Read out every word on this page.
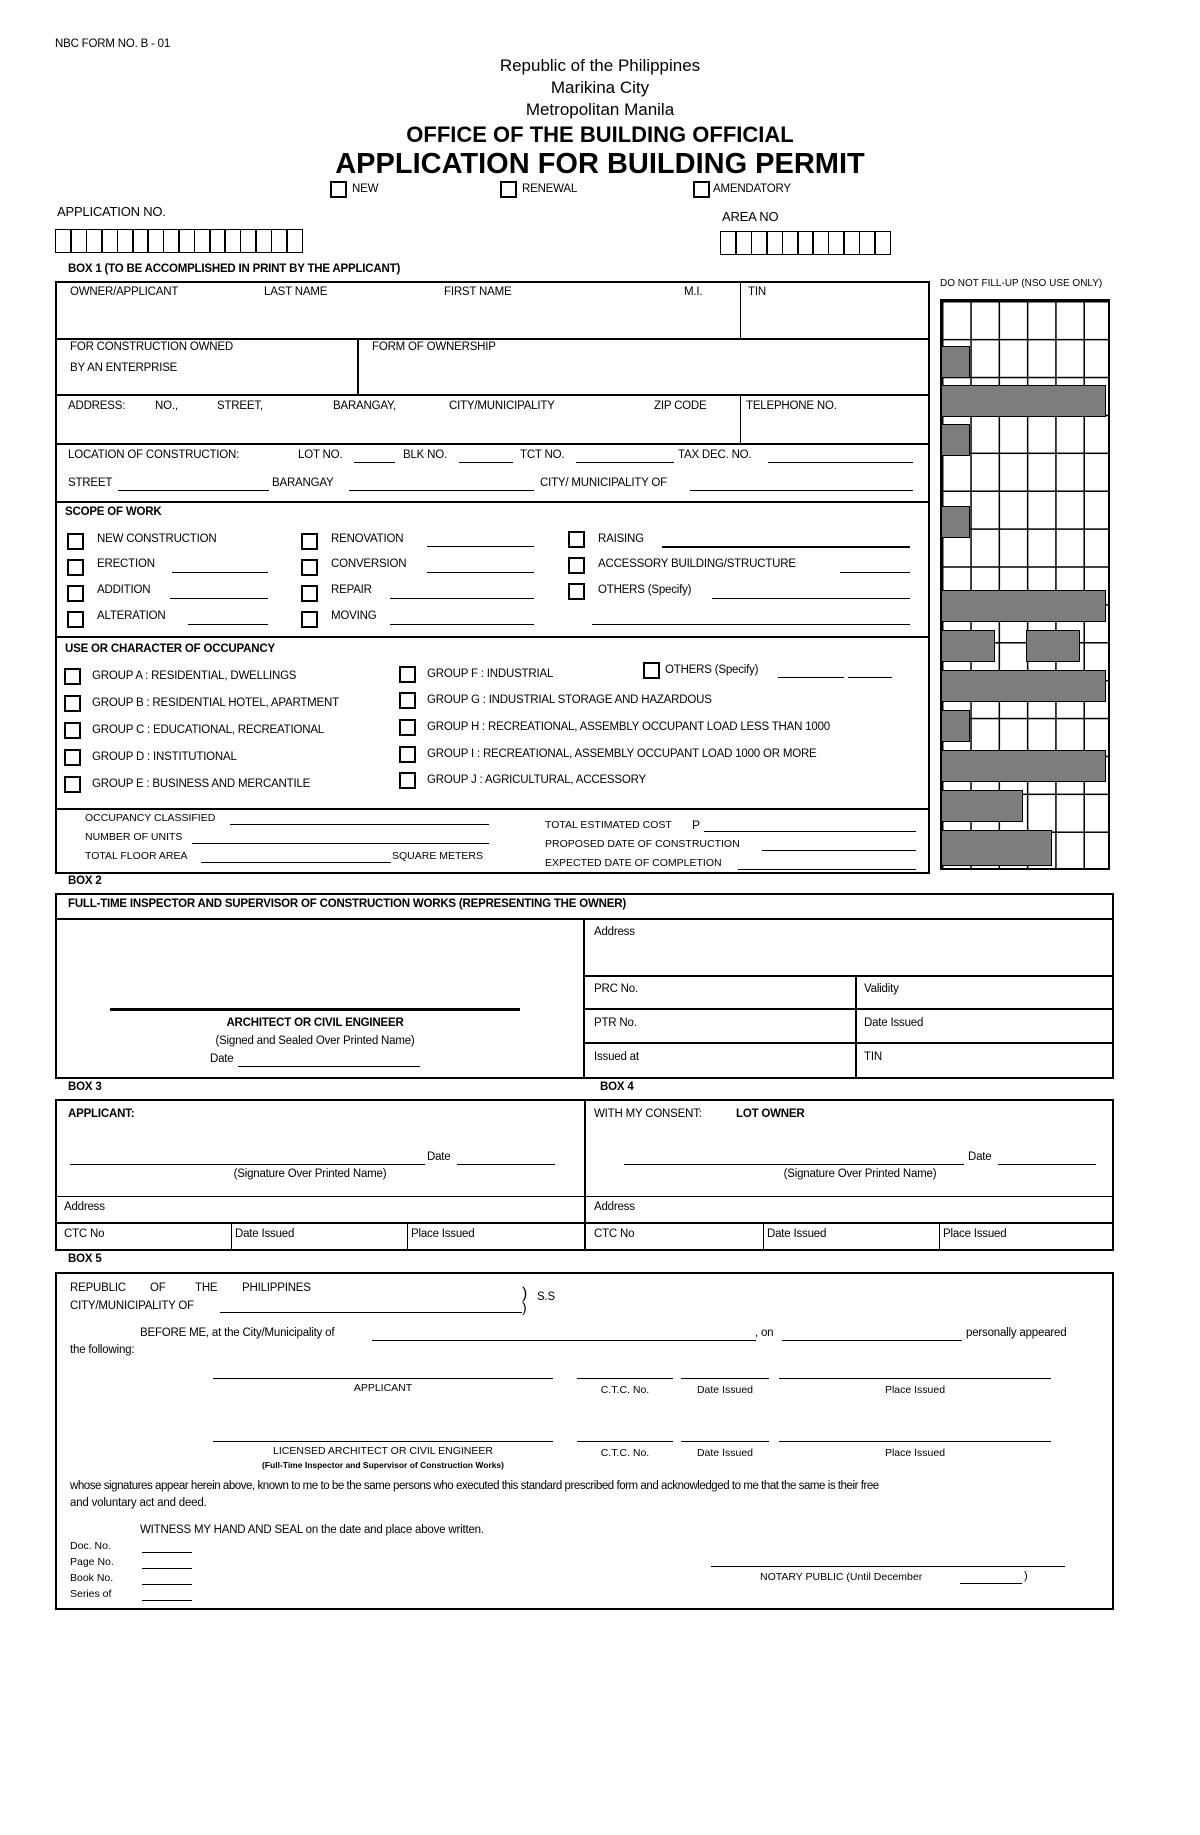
NBC FORM NO. B - 01
Republic of the Philippines
Marikina City
Metropolitan Manila
OFFICE OF THE BUILDING OFFICIAL
APPLICATION FOR BUILDING PERMIT
NEW	RENEWAL	AMENDATORY
APPLICATION NO.	AREA NO
BOX 1 (TO BE ACCOMPLISHED IN PRINT BY THE APPLICANT)
DO NOT FILL-UP (NSO USE ONLY)
OWNER/APPLICANT	LAST NAME	FIRST NAME	M.I.	TIN
FOR CONSTRUCTION OWNED
BY AN ENTERPRISE
FORM OF OWNERSHIP
ADDRESS:	NO.,	STREET,	BARANGAY,	CITY/MUNICIPALITY	ZIP CODE	TELEPHONE NO.
LOCATION OF CONSTRUCTION:	LOT NO.	BLK NO.	TCT NO.	TAX DEC. NO.
STREET	BARANGAY	CITY/ MUNICIPALITY OF
SCOPE OF WORK
NEW CONSTRUCTION
ERECTION
ADDITION
ALTERATION
RENOVATION
CONVERSION
REPAIR
MOVING
RAISING
ACCESSORY BUILDING/STRUCTURE
OTHERS (Specify)
USE OR CHARACTER OF OCCUPANCY
GROUP A : RESIDENTIAL, DWELLINGS
GROUP B : RESIDENTIAL HOTEL, APARTMENT
GROUP C : EDUCATIONAL, RECREATIONAL
GROUP D : INSTITUTIONAL
GROUP E : BUSINESS AND MERCANTILE
GROUP F : INDUSTRIAL
GROUP G : INDUSTRIAL STORAGE AND HAZARDOUS
GROUP H : RECREATIONAL, ASSEMBLY OCCUPANT LOAD LESS THAN 1000
GROUP I : RECREATIONAL, ASSEMBLY OCCUPANT LOAD 1000 OR MORE
GROUP J : AGRICULTURAL, ACCESSORY
OTHERS (Specify)
OCCUPANCY CLASSIFIED
NUMBER OF UNITS
TOTAL FLOOR AREA	SQUARE METERS
TOTAL ESTIMATED COST P
PROPOSED DATE OF CONSTRUCTION
EXPECTED DATE OF COMPLETION
BOX 2
FULL-TIME INSPECTOR AND SUPERVISOR OF CONSTRUCTION WORKS (REPRESENTING THE OWNER)
Address
PRC No.	Validity
PTR No.	Date Issued
Issued at	TIN
ARCHITECT OR CIVIL ENGINEER
(Signed and Sealed Over Printed Name)
Date
BOX 3	BOX 4
APPLICANT:
Date
(Signature Over Printed Name)
Address
CTC No	Date Issued	Place Issued
WITH MY CONSENT:	LOT OWNER
Date
(Signature Over Printed Name)
Address
CTC No	Date Issued	Place Issued
BOX 5
REPUBLIC OF	THE PHILIPPINES
CITY/MUNICIPALITY OF
)
)
S.S
BEFORE ME, at the City/Municipality of	, on	personally appeared
the following:
APPLICANT	C.T.C. No.	Date Issued	Place Issued
LICENSED ARCHITECT OR CIVIL ENGINEER
(Full-Time Inspector and Supervisor of Construction Works)
C.T.C. No.	Date Issued	Place Issued
whose signatures appear herein above, known to me to be the same persons who executed this standard prescribed form and acknowledged to me that the same is their free
and voluntary act and deed.
WITNESS MY HAND AND SEAL on the date and place above written.
Doc. No.
Page No.
Book No.
Series of
NOTARY PUBLIC (Until December	)
